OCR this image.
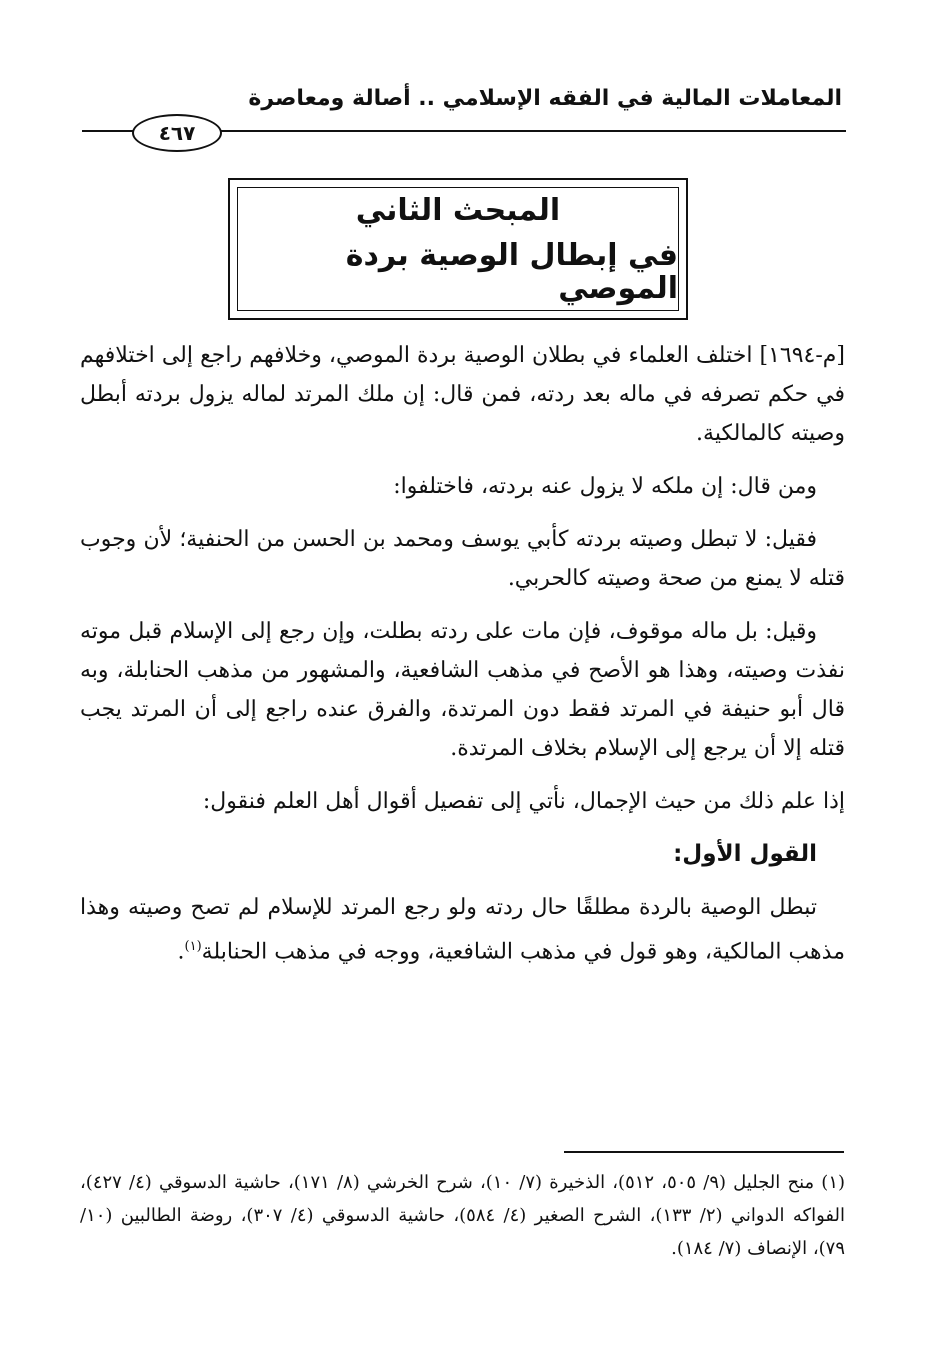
المعاملات المالية في الفقه الإسلامي .. أصالة ومعاصرة
٤٦٧
المبحث الثاني
في إبطال الوصية بردة الموصي

[م-١٦٩٤] اختلف العلماء في بطلان الوصية بردة الموصي، وخلافهم راجع إلى اختلافهم في حكم تصرفه في ماله بعد ردته، فمن قال: إن ملك المرتد لماله يزول بردته أبطل وصيته كالمالكية.

ومن قال: إن ملكه لا يزول عنه بردته، فاختلفوا:

فقيل: لا تبطل وصيته بردته كأبي يوسف ومحمد بن الحسن من الحنفية؛ لأن وجوب قتله لا يمنع من صحة وصيته كالحربي.

وقيل: بل ماله موقوف، فإن مات على ردته بطلت، وإن رجع إلى الإسلام قبل موته نفذت وصيته، وهذا هو الأصح في مذهب الشافعية، والمشهور من مذهب الحنابلة، وبه قال أبو حنيفة في المرتد فقط دون المرتدة، والفرق عنده راجع إلى أن المرتد يجب قتله إلا أن يرجع إلى الإسلام بخلاف المرتدة.

إذا علم ذلك من حيث الإجمال، نأتي إلى تفصيل أقوال أهل العلم فنقول:

القول الأول:

تبطل الوصية بالردة مطلقًا حال ردته ولو رجع المرتد للإسلام لم تصح وصيته وهذا مذهب المالكية، وهو قول في مذهب الشافعية، ووجه في مذهب الحنابلة$^{(١)}$.

(١) منح الجليل (٩/ ٥٠٥، ٥١٢)، الذخيرة (٧/ ١٠)، شرح الخرشي (٨/ ١٧١)، حاشية الدسوقي (٤/ ٤٢٧)، الفواكه الدواني (٢/ ١٣٣)، الشرح الصغير (٤/ ٥٨٤)، حاشية الدسوقي (٤/ ٣٠٧)، روضة الطالبين (١٠/ ٧٩)، الإنصاف (٧/ ١٨٤).
